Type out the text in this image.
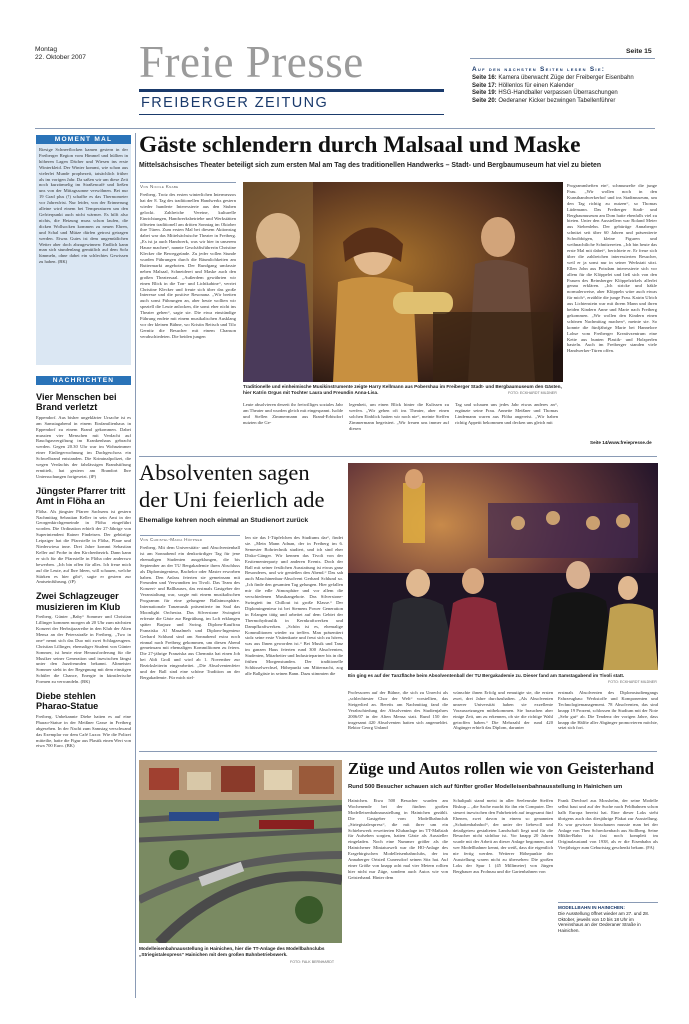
Montag
22. Oktober 2007 Freie Presse
FREIBERGER ZEITUNG
Seite 15
Auf den nächsten Seiten lesen Sie:
Seite 16: Kamera überwacht Züge der Freiberger Eisenbahn
Seite 17: Höllenlos für einen Kalender
Seite 19: HSG-Handballer verpassen Überraschungen
Seite 20: Oederaner Kicker bezwingen Tabellenführer
MOMENT MAL
Riesige Schneeflocken kamen gestern in der Freiberger Region vom Himmel und hüllten in höheren Lagen Dächer und Wiesen ins erste Winterkleid. Der Winter kommt, wie schon aus vielerlei Munde prophezeit, tatsächlich früher als im vorigen Jahr. Da saßen wir um diese Zeit noch kurzärmelig im Straßencafé und ließen uns von der Mittagssonne verwöhnen. Bei nur 19 Grad plus (!) schaffte es das Thermometer vor Jahresfrist. Nur leider, von der Erinnerung alleine wird einem bei Temperaturen um den Gefrierpunkt auch nicht wärmer. Es hilft also nichts, die Heizung muss schon laufen, die dicken Wollsocken kommen zu neuen Ehren, und Schal und Mütze dürfen getrost getragen werden. Etwas Gutes ist dem ungemütlichen Wetter aber doch abzugewinnen: Endlich kann man sich stundenlang gemütlich auf dem Sofa lümmeln, ohne dabei ein schlechtes Gewissen zu haben. (BK)
NACHRICHTEN
Vier Menschen bei Brand verletzt
Eppendorf. Aus bisher ungeklärter Ursache ist es am Samstagabend in einem Einfamilienhaus in Eppendorf zu einem Brand gekommen. Dabei mussten vier Menschen mit Verdacht auf Rauchgasvergiftung im Krankenhaus gebracht werden. Gegen 20.30 Uhr war im Wohnzimmer einer Einliegerwohnung im Dachgeschoss ein Schwelbrand entstanden. Die Kriminalpolizei, die wegen Verdachts der fahrlässigen Brandstiftung ermittelt, hat gestern am Brandort Ihre Untersuchungen fortgesetzt. (fP)
Jüngster Pfarrer tritt Amt in Flöha an
Flöha. Als jüngster Pfarrer Sachsens ist gestern Nachmittag Sebastian Keller in sein Amt in der Georgenkirchgemeinde in Flöha eingeführt worden. Die Ordination erhielt der 27-Jährige von Superintendent Rainer Findeisen. Der gebürtige Leipziger hat die Pfarrstelle in Flöha, Plaue und Niederwiesa inne. Drei Jahre kommt Sebastian Keller auf Probe in den Kirchenbezirk. Dann kann er sich für die Pfarrstelle in Flöha oder anderswo bewerben. „Ich bin offen für alles. Ich freue mich auf die Leute, auf Ihre Ideen, will schauen, welche Stärken es hier gibt“, sagte er gestern zur Amtseinführung. (fP)
Zwei Schlagzeuger musizieren im Klub
Freiberg. Günter „Baby“ Sommer und Christian Lillinger kommen morgen ab 20 Uhr zum nächsten Konzert der Herbstjazzreihe in den Klub der Alten Mensa an der Petersstraße in Freiberg. „Two in one“ nennt sich das Duo mit zwei Schlagzeugern. Christian Lillinger, ehemaliger Student von Günter Sommer, ist heute eine Herausforderung für die Musiker seiner Generation und inzwischen längst unter den Jazzfreunden bekannt. Altmeister Sommer sieht in der Begegnung mit dem einstigen Schüler die Chance, Energie in künstlerische Formen zu verwandeln. (BK)
Diebe stehlen Pharao-Statue
Freiberg. Unbekannte Diebe hatten es auf eine Pharao-Statue in der Meißner Gasse in Freiberg abgesehen. In der Nacht zum Samstag verschwand das Exemplar vor dem Café Luxor. Wie die Polizei mitteilte, hatte die Figur aus Plastik einen Wert von etwa 700 Euro. (BK)
Gäste schlendern durch Malsaal und Maske
Mittelsächsisches Theater beteiligt sich zum ersten Mal am Tag des traditionellen Handwerks – Stadt- und Bergbaumuseum hat viel zu bieten
Von Nicole Knabe
Freiberg. Trotz des ersten winterlichen Intermezzos hat der 8. Tag des traditionellen Handwerks gestern wieder hunderte Interessierte aus den Stuben gelockt. Zahlreiche Vereine, kulturelle Einrichtungen, Handwerksbetriebe und Werkstätten öffneten traditionell am dritten Sonntag im Oktober ihre Türen. Zum ersten Mal bei diesem Aktionstag dabei war das Mittelsächsische Theater in Freiberg. „Es ist ja auch Handwerk, was wir hier in unserem Hause machen“, nannte Geschäftsführerin Christine Klecker die Beweggründe. Zu jeder vollen Stunde wurden Führungen durch die Räumlichkeiten am Buttermarkt angeboten. Der Rundgang umfasste neben Malsaal, Schneiderei und Maske auch den großen Theatersaal. „Außerdem gewährten wir einen Blick in die Ton- und Lichtkabine“, verriet Christine Klecker und freute sich über das große Interesse und die positive Resonanz. „Wir breiten auch sonst Führungen an, aber heute wollten wir speziell die Leute anlocken, die sonst eher nicht ins Theater gehen“, sagte sie. Die etwa einstündige Führung endete mit einem musikalischen Ausklang vor der kleinen Bühne, wo Kristin Reitsch und Tilo Gernitz die Besucher mit einem Chanson verabschiedeten. Die beiden jungen
Traditionelle und einheimische Musikinstrumente zeigte Harry Kellmann aus Pobershau im Freiberger Stadt- und Bergbaumuseum den Gästen, hier Katrin Orgus mit Tochter Laura und Freundin Anna-Lisa.	FOTO: ECKHARDT MILDNER
Leute absolvieren derzeit ihr freiwilliges soziales Jahr am Theater und wurden gleich mit eingespannt. Isolde und Stellen Zimmermann aus Brand-Erbisdorf nutzten die Ge-
legenheit, um einen Blick hinter die Kulissen zu werfen. „Wir gehen oft ins Theater, aber einen solchen Einblick hatten wir noch nie“, meinte Steffen Zimmermann begeistert. „Wir freuen uns immer auf diesen
Tag und schauen uns jedes Jahr etwas anderes an“, ergänzte seine Frau. Annette Meißner und Thomas Lindemann waren aus Flöha angereist. „Wir haben richtig Appetit bekommen und decken uns gleich mit
Programmheften ein“, schmunzelte die junge Frau. „Wir wollen noch in den Kunsthandwerkerhof und ins Stadtmuseum, um den Tag richtig zu nutzen“, so Thomas Lüdemann. Das Freiberger Stadt- und Bergbaumuseum am Dom hatte ebenfalls viel zu bieten. Unter den Ausstellern war Roland Meier aus Siebenlehn. Der gebürtige Annaberger schnitzt seit über 60 Jahren und präsentierte Schwibbögen, kleine Figuren und weihnachtliche Schnitzereien. „Ich bin heute das erste Mal mit dabei“, berichtete er. Er freue sich über die zahlreichen interessierten Besucher, weil er ja sonst nur in seiner Werkstatt sitzt. Ellen John aus Potsdam interessierte sich vor allem für die Klöppelei und ließ sich von den Frauen des Reinsberger Klöppelzirkels allerlei genau erklären. „Ich stricke und häkle normalerweise, aber Klöppeln wäre auch etwas für mich“, erzählte die junge Frau. Katrin Ulrich aus Lichtenstein war mit ihrem Mann und ihren beiden Kindern Anne und Marie nach Freiberg gekommen. „Wir wollen den Kindern einen schönen Nachmittag machen“, meinte sie. So konnte die fünfjährige Marie bei Hannelore Lohse vom Freiberger Kreativzentrum eine Kette aus bunten Plastik- und Holzperlen basteln. Auch im Freiberger standen viele Handwerker-Türen offen.
Seite 14/www.freiepresse.de
Absolventen sagen
der Uni feierlich ade
Ehemalige kehren noch einmal an Studienort zurück
Von Christel-Maria Höppner
Freiberg. Mit dem Universitäts- und Absolventenball ist am Sonnabend ein denkwürdiger Tag für jene ehemaligen Studenten ausgeklungen, die bis September an der TU Bergakademie ihren Abschluss als Diplomingenieur, Bachelor oder Master erworben haben. Den Anlass feierten sie gemeinsam mit Freunden und Verwandten im Tivoli. Das Team des Konzert- und Ballhauses, das erstmals Gastgeber der Veranstaltung war, sorgte mit einem musikalischen Programm für eine gelungene Ballatmosphäre. Internationale Tanzmusik präsentierte im Saal das Moonlight Orchestra. Das Silverstone Swingtett erfreute die Gäste zur Begrüßung, im Loft erklangen später Barjazz und Swing. Diplom-Kauffrau Franziska Al Masalmeh und Diplom-Ingenieur Gerhard Schlund sind am Sonnabend extra noch einmal nach Freiberg gekommen, um diesen Abend gemeinsam mit ehemaligen Kommilitonen zu feiern. Die 27-jährige Franziska aus Chemnitz hat einen Job bei Aldi Groß und wird ab 1. November zur Bezirksleiterin eingearbeitet. „Die Absolventenfeier und der Ball sind eine schöne Tradition an der Bergakademie. Für mich stel-
len sie das I-Tüpfelchen des Studiums dar“, findet sie. „Mein Mann Adnan, der in Freiberg im 6. Semester Bohrtechnik studiert, und ich sind eher Disko-Gänger. Wir kennen das Tivoli von der Ersitementerparty und anderen Events. Doch der Ball mit seiner festlichen Ausstattung ist etwas ganz Besonderes, und wir genießen den Abend.“ Das sah auch Maschinenbau-Absolvent Gerhard Schlund so. „Ich finde den gesamten Tag gelungen. Hier gefallen mir die edle Atmosphäre und vor allem die verschiedenen Musikangebote. Das Silverstone-Swingtett im Chillout ist große Klasse.“ Der Diplomingenieur ist bei Siemens Power Generation in Erlangen tätig und arbeitet auf dem Gebiet der Thermohydraulik in Kernkraftwerken und Dampfkraftwerken. „Schön ist es, ehemalige Kommilitonen wieder zu treffen. Man präsentiert stolz seine erste Visitenkarte und freut sich zu hören, was aus Ihnen geworden ist.“ Bei Musik und Tanz im ganzen Haus feierten rund 300 Absolventen, Studenten, Mitarbeiter und Industriepartner bis in die frühen Morgenstunden. Der traditionelle Schlüsselwechsel, Höhepunkt um Mitternacht, zog alle Ballgäste in seinen Bann. Dazu stimmten die	Ein ging es auf der Tanzfläche beim Absolventenball der TU Bergakademie zu. Dieser fand am Samstagabend im Tivoli statt.
FOTO: ECKHARDT MILDNER
Professoren auf der Bühne, die sich zu Unrecht als „schlechtester Chor der Welt“ vorstellten, das Steigerlied an. Bereits am Nachmittag fand die Verabschiedung der Absolventen des Studienjahres 2006/07 in der Alten Mensa statt. Rund 150 der insgesamt 420 Absolventen hatten sich angemeldet. Rektor Georg Unland
wünschte ihnen Erfolg und ermutigte sie, die ersten zwei, drei Jahre durchzuhalten. „Als Absolventen unserer Universität haben sie exzellente Voraussetzungen mitbekommen. Sie brauchen aber einige Zeit, um zu erkennen, ob sie die richtige Wahl getroffen haben.“ Die Mehrzahl der rund 420 Abgänger erhielt das Diplom, darunter
erstmals Absolventen des Diplomstudiengangs Fahrzeugbau: Werkstoffe und Komponenten und Technologiemanagement. 78 Absolventen, das sind knapp 19 Prozent, schlossen ihr Studium mit der Note „Sehr gut“ ab. Die Tendenz der vorigen Jahre, dass knapp die Hälfte aller Abgänger promovieren möchte, setzt sich fort.
Modelleisenbahnausstellung in Hainichen, hier die TT-Anlage des Modellbahnclubs „Striegistalexpress“ Hainichen mit dem großen Bahnbetriebswerk.
FOTO: FALK BERNHARDT
Züge und Autos rollen wie von Geisterhand
Rund 500 Besucher schauen sich auf fünfter großer Modelleisenbahnausstellung in Hainichen um
Hainichen. Etwa 500 Besucher wurden am Wochenende bei der fünften großen Modelleisenbahnausstellung in Hainichen gezählt. Die Gastgeber vom Modellbahnclub „Striegistalexpress“, die mit ihrer um ein Schiebewerk erweiterten Klubanlage im TT-Maßstab für Aufsehen sorgten, hatten Gäste als Aussteller eingeladen. Noch eine Nummer größer als die Hainichener Miniaturwelt war die HO-Anlage des Erzgebirgischen Modelleisenbahnclubs, der im Annaberger Ortsteil Cunersdorf seinen Sitz hat. Auf einer Größe von knapp acht mal vier Metern rollten hier nicht nur Züge, sondern auch Autos wie von Geisterhand. Hinter dem
Schaltpult stand meist in aller Seelenruhe Steffen Biskup – „die Sache macht für ihn ein Computer. Der steuert inzwischen den Fahrbetrieb auf insgesamt fünf Ebenen, zwei davon in einem so genannten „Schattenbahnhof“, der unter der liebevoll und detailgetreu gestalteten Landschaft liegt und für die Besucher nicht sichtbar ist. Vor knapp 20 Jahren wurde mit der Arbeit an dieser Anlage begonnen, und wer Modellbahner kennt, der weiß, dass die eigentlich nie fertig werden. Weiterer Höhepunkte der Ausstellung waren nicht zu übersehen: Die großen Loks der Spur 1 (45 Millimeter) von Jürgen Bergbauer aus Frohnau und die Gartenbahnen von
Frank Drechsel aus Mosshelm, der seine Modelle selbst baut und auf der Suche nach Feldbahnen schon halb Europa bereist hat. Eine dieser Loks steht übrigens auch das diesjährige Plakat zur Ausstellung. Es war gewisser hinschauen musste man bei der Anlage von Theo Schreckenbach aus Stollberg. Seine Miklin-Bahn ist fast noch komplett im Originalzustand von 1938, als er die Eisenbahn als Vierjähriger zum Geburtstag geschenkt bekam. (FA)
MODELLBAHN IN HAINICHEN:
Die Ausstellung öffnet wieder am 27. und 28. Oktober, jeweils von 10 bis 18 Uhr im Vereinshaus an der Oederaner Straße in Hainichen.
